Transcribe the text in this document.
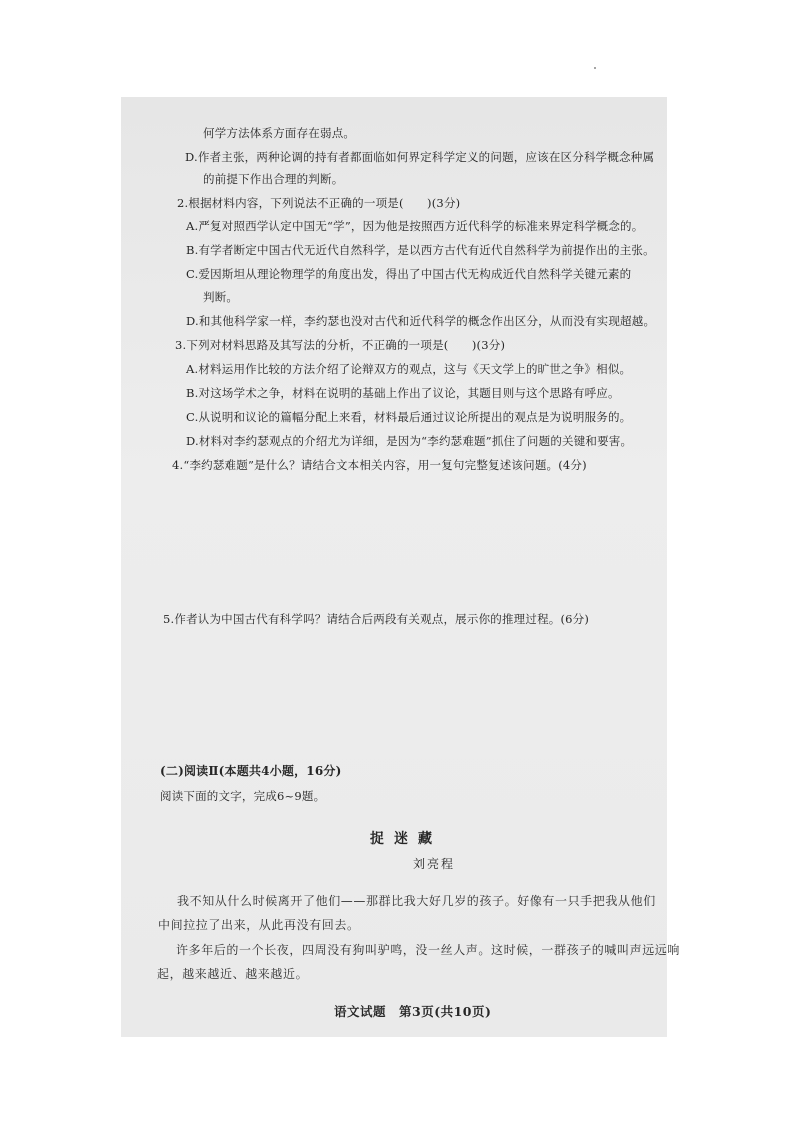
何学方法体系方面存在弱点。
D.作者主张，两种论调的持有者都面临如何界定科学定义的问题，应该在区分科学概念种属
的前提下作出合理的判断。
2.根据材料内容，下列说法不正确的一项是(　　)(3分)
A.严复对照西学认定中国无“学”，因为他是按照西方近代科学的标准来界定科学概念的。
B.有学者断定中国古代无近代自然科学，是以西方古代有近代自然科学为前提作出的主张。
C.爱因斯坦从理论物理学的角度出发，得出了中国古代无构成近代自然科学关键元素的
判断。
D.和其他科学家一样，李约瑟也没对古代和近代科学的概念作出区分，从而没有实现超越。
3.下列对材料思路及其写法的分析，不正确的一项是(　　)(3分)
A.材料运用作比较的方法介绍了论辩双方的观点，这与《天文学上的旷世之争》相似。
B.对这场学术之争，材料在说明的基础上作出了议论，其题目则与这个思路有呼应。
C.从说明和议论的篇幅分配上来看，材料最后通过议论所提出的观点是为说明服务的。
D.材料对李约瑟观点的介绍尤为详细，是因为“李约瑟难题”抓住了问题的关键和要害。
4.“李约瑟难题”是什么？请结合文本相关内容，用一复句完整复述该问题。(4分)
5.作者认为中国古代有科学吗？请结合后两段有关观点，展示你的推理过程。(6分)
(二)阅读Ⅱ(本题共4小题，16分)
阅读下面的文字，完成6~9题。
捉迷藏
刘亮程
我不知从什么时候离开了他们——那群比我大好几岁的孩子。好像有一只手把我从他们
中间拉拉了出来，从此再没有回去。
许多年后的一个长夜，四周没有狗叫驴鸣，没一丝人声。这时候，一群孩子的喊叫声远远响
起，越来越近、越来越近。
语文试题　第3页(共10页)
